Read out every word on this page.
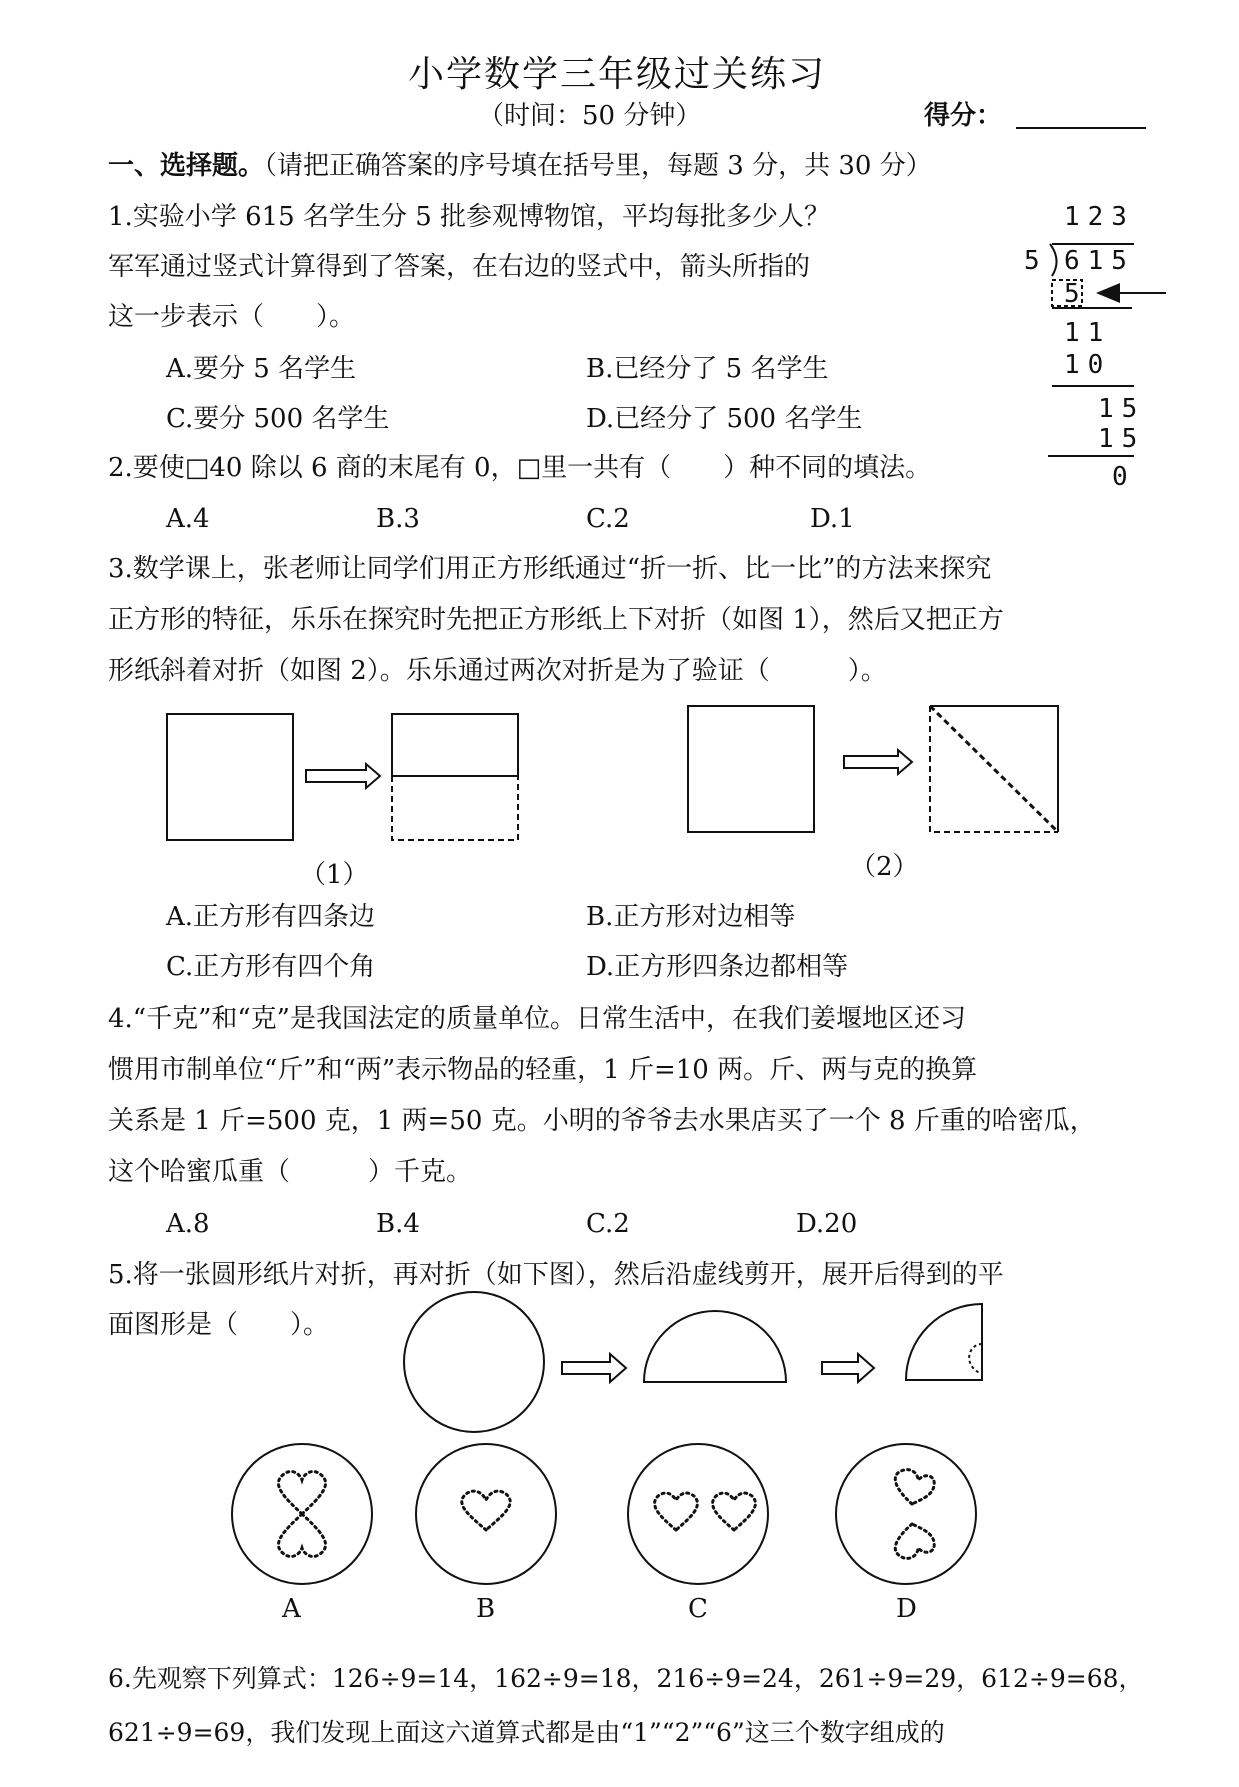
小学数学三年级过关练习
（时间：50 分钟）	得分：
一、选择题。（请把正确答案的序号填在括号里，每题 3 分，共 30 分）
1.实验小学 615 名学生分 5 批参观博物馆，平均每批多少人？
军军通过竖式计算得到了答案，在右边的竖式中，箭头所指的
这一步表示（　　）。
A.要分 5 名学生	B.已经分了 5 名学生
C.要分 500 名学生	D.已经分了 500 名学生
123
5 615
5
11
10
15
15
0
2.要使□40 除以 6 商的末尾有 0，□里一共有（　　）种不同的填法。
A.4	B.3	C.2	D.1
3.数学课上，张老师让同学们用正方形纸通过“折一折、比一比”的方法来探究
正方形的特征，乐乐在探究时先把正方形纸上下对折（如图 1），然后又把正方
形纸斜着对折（如图 2）。乐乐通过两次对折是为了验证（　　　）。
（1）	（2）
A.正方形有四条边	B.正方形对边相等
C.正方形有四个角	D.正方形四条边都相等
4.“千克”和“克”是我国法定的质量单位。日常生活中，在我们姜堰地区还习
惯用市制单位“斤”和“两”表示物品的轻重，1 斤=10 两。斤、两与克的换算
关系是 1 斤=500 克，1 两=50 克。小明的爷爷去水果店买了一个 8 斤重的哈密瓜，
这个哈蜜瓜重（　　　）千克。
A.8	B.4	C.2	D.20
5.将一张圆形纸片对折，再对折（如下图），然后沿虚线剪开，展开后得到的平
面图形是（　　）。
A	B	C	D
6.先观察下列算式：126÷9=14，162÷9=18，216÷9=24，261÷9=29，612÷9=68，
621÷9=69，我们发现上面这六道算式都是由“1”“2”“6”这三个数字组成的
